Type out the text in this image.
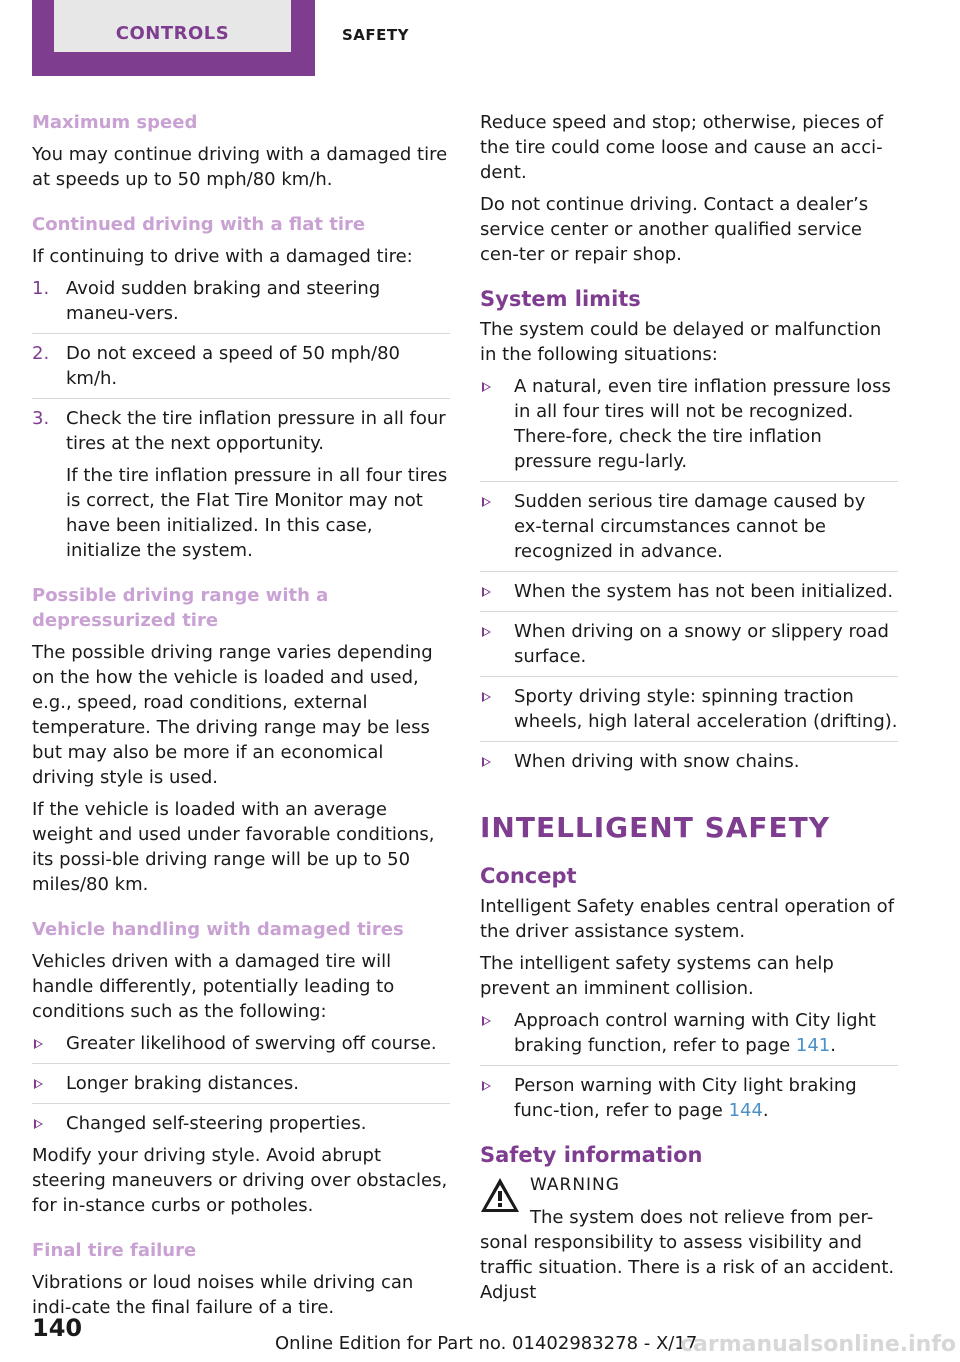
CONTROLS	SAFETY
Maximum speed
You may continue driving with a damaged tire at speeds up to 50 mph/80 km/h.
Continued driving with a flat tire
If continuing to drive with a damaged tire:
1. Avoid sudden braking and steering maneu-vers.
2. Do not exceed a speed of 50 mph/80 km/h.
3. Check the tire inflation pressure in all four tires at the next opportunity.
If the tire inflation pressure in all four tires is correct, the Flat Tire Monitor may not have been initialized. In this case, initialize the system.
Possible driving range with a depressurized tire
The possible driving range varies depending on the how the vehicle is loaded and used, e.g., speed, road conditions, external temperature. The driving range may be less but may also be more if an economical driving style is used.
If the vehicle is loaded with an average weight and used under favorable conditions, its possi-ble driving range will be up to 50 miles/80 km.
Vehicle handling with damaged tires
Vehicles driven with a damaged tire will handle differently, potentially leading to conditions such as the following:
Greater likelihood of swerving off course.
Longer braking distances.
Changed self-steering properties.
Modify your driving style. Avoid abrupt steering maneuvers or driving over obstacles, for in-stance curbs or potholes.
Final tire failure
Vibrations or loud noises while driving can indi-cate the final failure of a tire.
Reduce speed and stop; otherwise, pieces of the tire could come loose and cause an acci-dent.
Do not continue driving. Contact a dealer’s service center or another qualified service cen-ter or repair shop.
System limits
The system could be delayed or malfunction in the following situations:
A natural, even tire inflation pressure loss in all four tires will not be recognized. There-fore, check the tire inflation pressure regu-larly.
Sudden serious tire damage caused by ex-ternal circumstances cannot be recognized in advance.
When the system has not been initialized.
When driving on a snowy or slippery road surface.
Sporty driving style: spinning traction wheels, high lateral acceleration (drifting).
When driving with snow chains.
INTELLIGENT SAFETY
Concept
Intelligent Safety enables central operation of the driver assistance system.
The intelligent safety systems can help prevent an imminent collision.
Approach control warning with City light braking function, refer to page 141.
Person warning with City light braking func-tion, refer to page 144.
Safety information
WARNING
The system does not relieve from per-sonal responsibility to assess visibility and traffic situation. There is a risk of an accident. Adjust
140
Online Edition for Part no. 01402983278 - X/17
carmanualsonline.info
